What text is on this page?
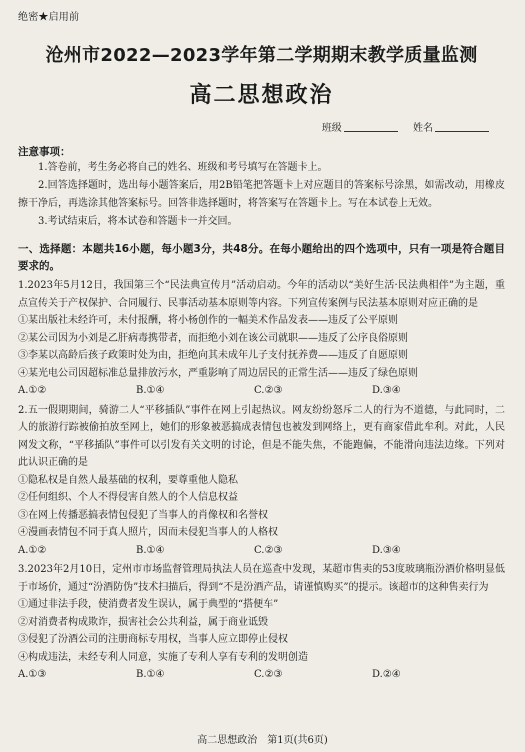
绝密★启用前
沧州市2022—2023学年第二学期期末教学质量监测
高二思想政治
班级	姓名
注意事项：

1.答卷前，考生务必将自己的姓名、班级和考号填写在答题卡上。

2.回答选择题时，选出每小题答案后，用2B铅笔把答题卡上对应题目的答案标号涂黑，如需改动，用橡皮擦干净后，再选涂其他答案标号。回答非选择题时，将答案写在答题卡上。写在本试卷上无效。

3.考试结束后，将本试卷和答题卡一并交回。

一、选择题：本题共16小题，每小题3分，共48分。在每小题给出的四个选项中，只有一项是符合题目要求的。

1.2023年5月12日，我国第三个“民法典宣传月”活动启动。今年的活动以“美好生活·民法典相伴”为主题，重点宣传关于产权保护、合同履行、民事活动基本原则等内容。下列宣传案例与民法基本原则对应正确的是

①某出版社未经许可，未付报酬，将小杨创作的一幅美术作品发表——违反了公平原则

②某公司因为小刘是乙肝病毒携带者，而拒绝小刘在该公司就职——违反了公序良俗原则

③李某以高龄后孩子政策时处为由，拒绝向其未成年儿子支付抚养费——违反了自愿原则

④某光电公司因超标准总量排放污水，严重影响了周边居民的正常生活——违反了绿色原则

A.①②	B.①④	C.②③	D.③④

2.五一假期期间，骑游二人“平移插队”事件在网上引起热议。网友纷纷怒斥二人的行为不道德，与此同时，二人的旅游行踪被偷拍放至网上，她们的形象被恶搞成表情包也被发到网络上，更有商家借此牟利。对此，人民网发文称，“平移插队”事件可以引发有关文明的讨论，但是不能失焦，不能跑偏，不能滑向违法边缘。下列对此认识正确的是

①隐私权是自然人最基础的权利，要尊重他人隐私

②任何组织、个人不得侵害自然人的个人信息权益

③在网上传播恶搞表情包侵犯了当事人的肖像权和名誉权

④漫画表情包不同于真人照片，因而未侵犯当事人的人格权

A.①②	B.①④	C.②③	D.③④

3.2023年2月10日，定州市市场监督管理局执法人员在巡查中发现，某超市售卖的53度玻璃瓶汾酒价格明显低于市场价，通过“汾酒防伪”技术扫描后，得到“不是汾酒产品，请谨慎购买”的提示。该超市的这种售卖行为

①通过非法手段，使消费者发生误认，属于典型的“搭便车”

②对消费者构成欺诈，损害社会公共利益，属于商业诋毁

③侵犯了汾酒公司的注册商标专用权，当事人应立即停止侵权

④构成违法，未经专利人同意，实施了专利人享有专利的发明创造

A.①③	B.①④	C.②③	D.②④
高二思想政治　第1页(共6页)
